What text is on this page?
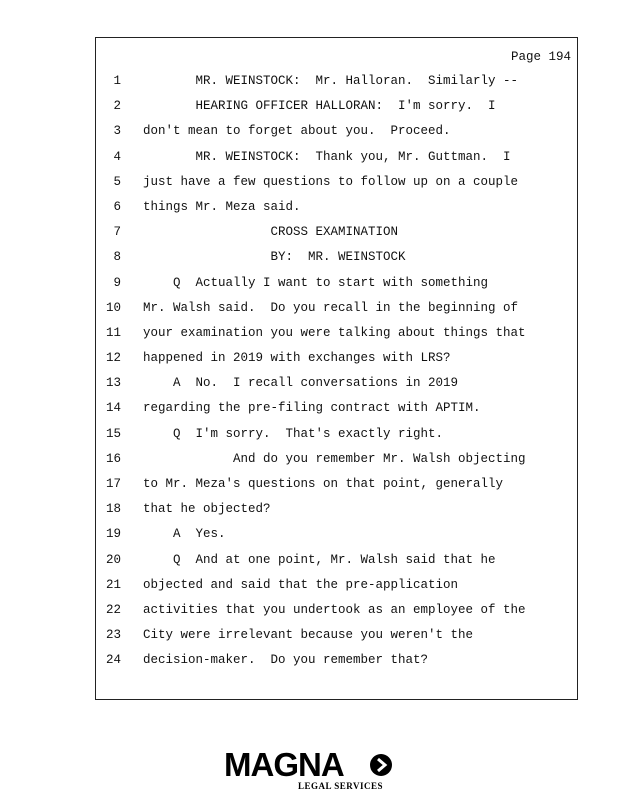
Page 194
1 MR. WEINSTOCK:  Mr. Halloran.  Similarly --
2 HEARING OFFICER HALLORAN:  I'm sorry.  I
3 don't mean to forget about you.  Proceed.
4 MR. WEINSTOCK:  Thank you, Mr. Guttman.  I
5 just have a few questions to follow up on a couple
6 things Mr. Meza said.
7 CROSS EXAMINATION
8 BY:  MR. WEINSTOCK
9 Q  Actually I want to start with something
10 Mr. Walsh said.  Do you recall in the beginning of
11 your examination you were talking about things that
12 happened in 2019 with exchanges with LRS?
13 A  No.  I recall conversations in 2019
14 regarding the pre-filing contract with APTIM.
15 Q  I'm sorry.  That's exactly right.
16 And do you remember Mr. Walsh objecting
17 to Mr. Meza's questions on that point, generally
18 that he objected?
19 A  Yes.
20 Q  And at one point, Mr. Walsh said that he
21 objected and said that the pre-application
22 activities that you undertook as an employee of the
23 City were irrelevant because you weren't the
24 decision-maker.  Do you remember that?
MAGNA
LEGAL SERVICES
